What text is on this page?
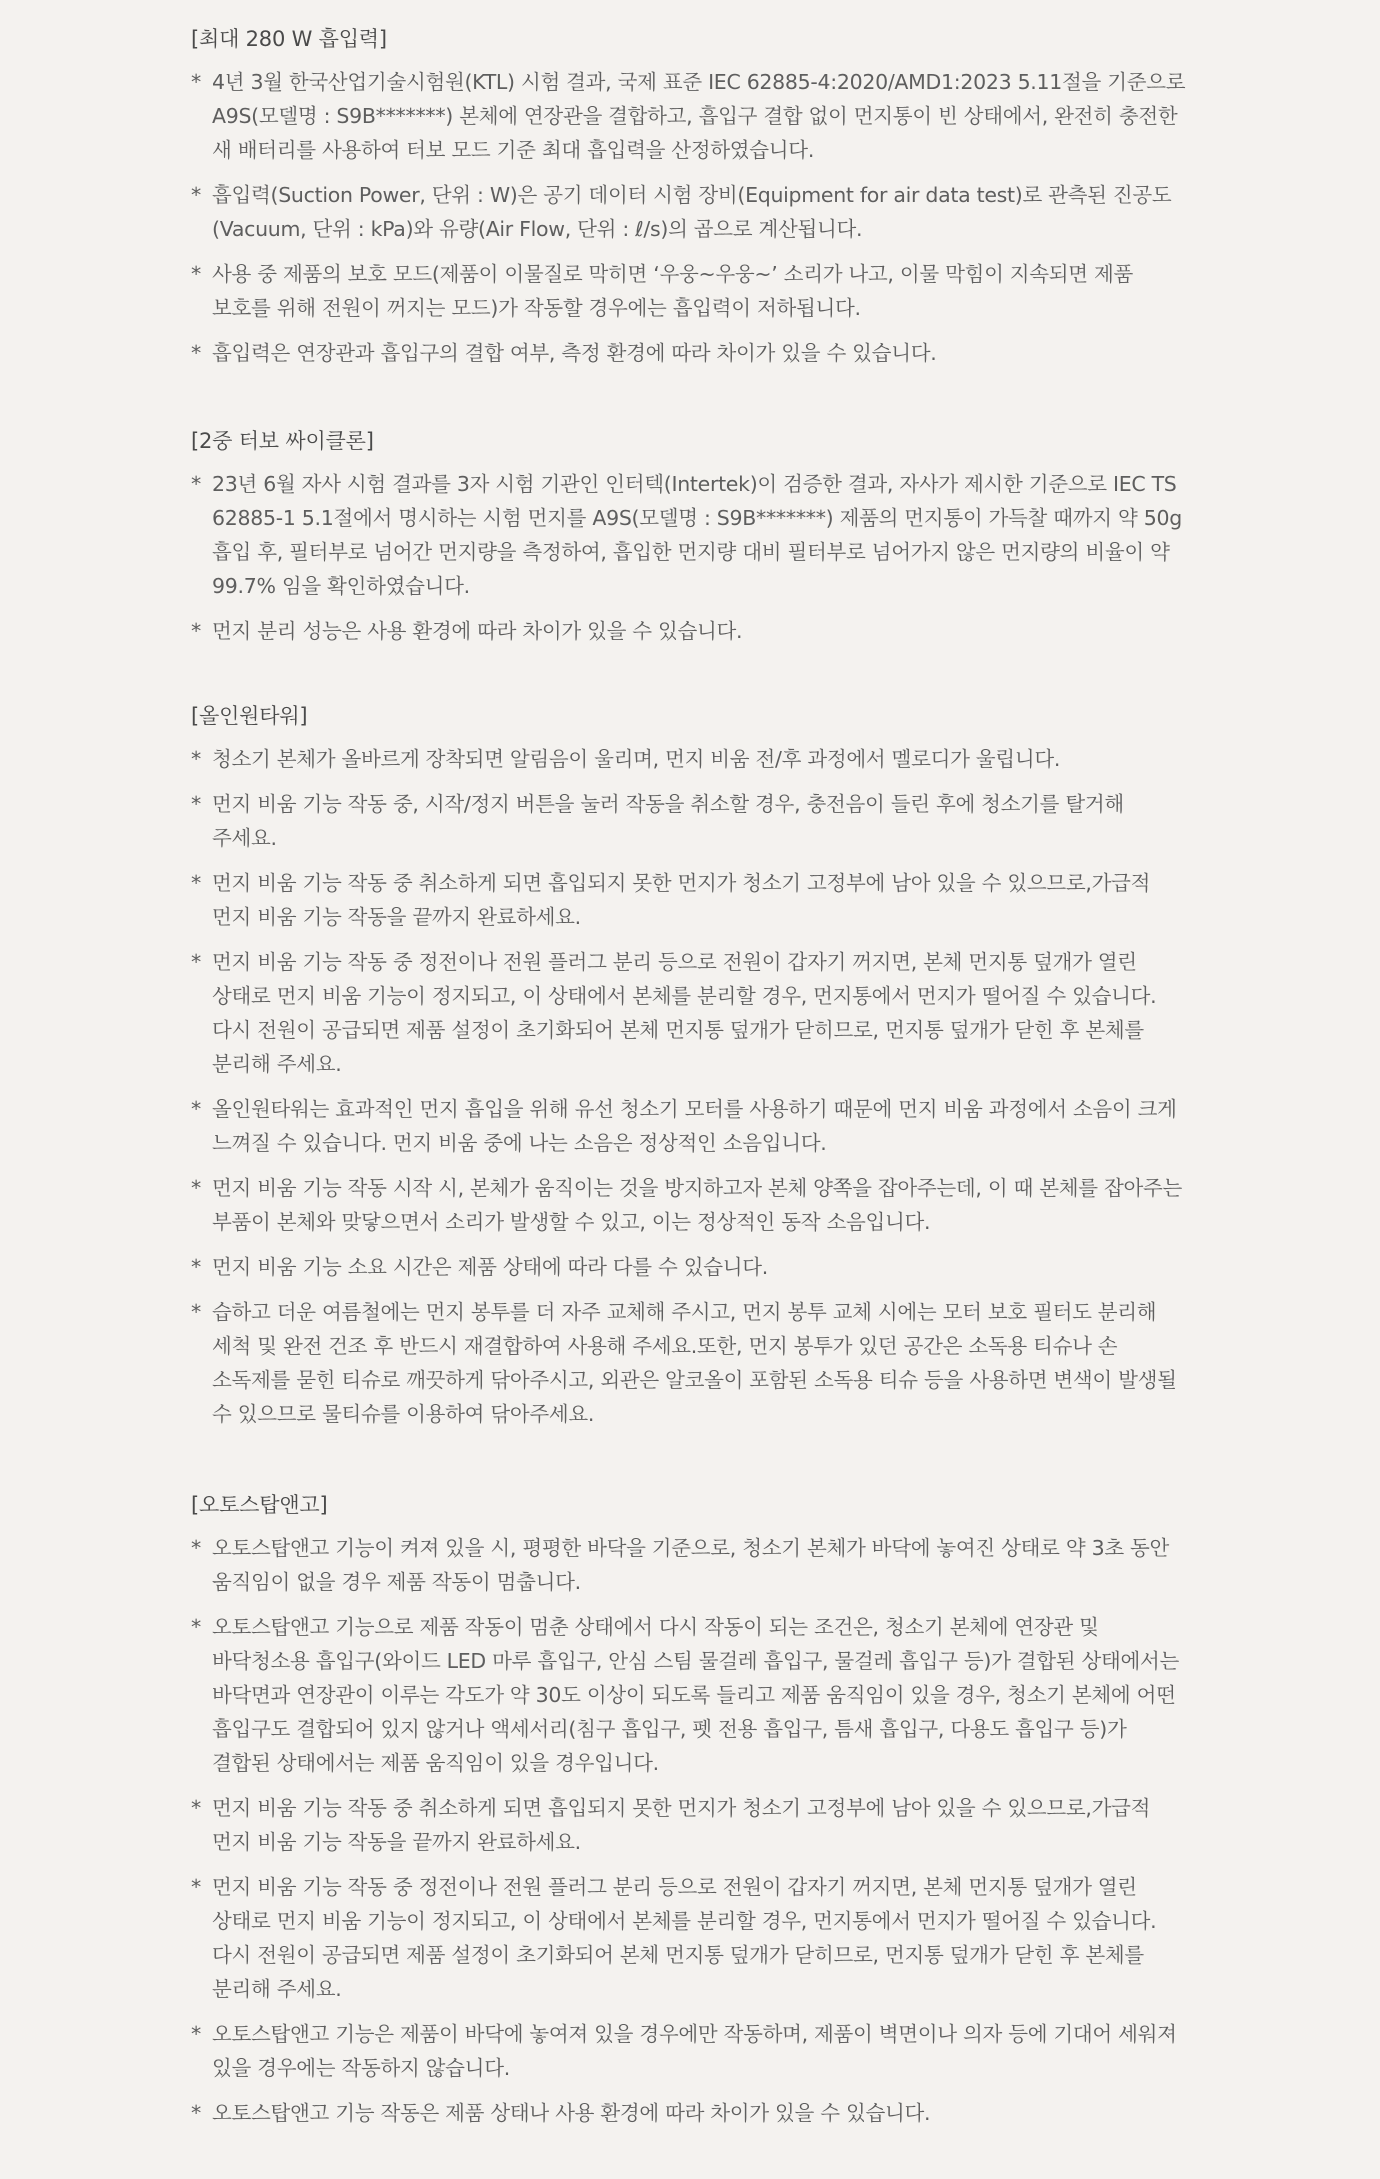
[최대 280 W 흡입력]
* 4년 3월 한국산업기술시험원(KTL) 시험 결과, 국제 표준 IEC 62885-4:2020/AMD1:2023 5.11절을 기준으로 A9S(모델명 : S9B*******) 본체에 연장관을 결합하고, 흡입구 결합 없이 먼지통이 빈 상태에서, 완전히 충전한 새 배터리를 사용하여 터보 모드 기준 최대 흡입력을 산정하였습니다.
* 흡입력(Suction Power, 단위 : W)은 공기 데이터 시험 장비(Equipment for air data test)로 관측된 진공도(Vacuum, 단위 : kPa)와 유량(Air Flow, 단위 : ℓ/s)의 곱으로 계산됩니다.
* 사용 중 제품의 보호 모드(제품이 이물질로 막히면 ‘우웅~우웅~’ 소리가 나고, 이물 막힘이 지속되면 제품 보호를 위해 전원이 꺼지는 모드)가 작동할 경우에는 흡입력이 저하됩니다.
* 흡입력은 연장관과 흡입구의 결합 여부, 측정 환경에 따라 차이가 있을 수 있습니다.
[2중 터보 싸이클론]
* 23년 6월 자사 시험 결과를 3자 시험 기관인 인터텍(Intertek)이 검증한 결과, 자사가 제시한 기준으로 IEC TS 62885-1 5.1절에서 명시하는 시험 먼지를 A9S(모델명 : S9B*******) 제품의 먼지통이 가득찰 때까지 약 50g 흡입 후, 필터부로 넘어간 먼지량을 측정하여, 흡입한 먼지량 대비 필터부로 넘어가지 않은 먼지량의 비율이 약 99.7% 임을 확인하였습니다.
* 먼지 분리 성능은 사용 환경에 따라 차이가 있을 수 있습니다.
[올인원타워]
* 청소기 본체가 올바르게 장착되면 알림음이 울리며, 먼지 비움 전/후 과정에서 멜로디가 울립니다.
* 먼지 비움 기능 작동 중, 시작/정지 버튼을 눌러 작동을 취소할 경우, 충전음이 들린 후에 청소기를 탈거해 주세요.
* 먼지 비움 기능 작동 중 취소하게 되면 흡입되지 못한 먼지가 청소기 고정부에 남아 있을 수 있으므로,가급적 먼지 비움 기능 작동을 끝까지 완료하세요.
* 먼지 비움 기능 작동 중 정전이나 전원 플러그 분리 등으로 전원이 갑자기 꺼지면, 본체 먼지통 덮개가 열린 상태로 먼지 비움 기능이 정지되고, 이 상태에서 본체를 분리할 경우, 먼지통에서 먼지가 떨어질 수 있습니다. 다시 전원이 공급되면 제품 설정이 초기화되어 본체 먼지통 덮개가 닫히므로, 먼지통 덮개가 닫힌 후 본체를 분리해 주세요.
* 올인원타워는 효과적인 먼지 흡입을 위해 유선 청소기 모터를 사용하기 때문에 먼지 비움 과정에서 소음이 크게 느껴질 수 있습니다. 먼지 비움 중에 나는 소음은 정상적인 소음입니다.
* 먼지 비움 기능 작동 시작 시, 본체가 움직이는 것을 방지하고자 본체 양쪽을 잡아주는데, 이 때 본체를 잡아주는 부품이 본체와 맞닿으면서 소리가 발생할 수 있고, 이는 정상적인 동작 소음입니다.
* 먼지 비움 기능 소요 시간은 제품 상태에 따라 다를 수 있습니다.
* 습하고 더운 여름철에는 먼지 봉투를 더 자주 교체해 주시고, 먼지 봉투 교체 시에는 모터 보호 필터도 분리해 세척 및 완전 건조 후 반드시 재결합하여 사용해 주세요.또한, 먼지 봉투가 있던 공간은 소독용 티슈나 손 소독제를 묻힌 티슈로 깨끗하게 닦아주시고, 외관은 알코올이 포함된 소독용 티슈 등을 사용하면 변색이 발생될 수 있으므로 물티슈를 이용하여 닦아주세요.
[오토스탑앤고]
* 오토스탑앤고 기능이 켜져 있을 시, 평평한 바닥을 기준으로, 청소기 본체가 바닥에 놓여진 상태로 약 3초 동안 움직임이 없을 경우 제품 작동이 멈춥니다.
* 오토스탑앤고 기능으로 제품 작동이 멈춘 상태에서 다시 작동이 되는 조건은, 청소기 본체에 연장관 및 바닥청소용 흡입구(와이드 LED 마루 흡입구, 안심 스팀 물걸레 흡입구, 물걸레 흡입구 등)가 결합된 상태에서는 바닥면과 연장관이 이루는 각도가 약 30도 이상이 되도록 들리고 제품 움직임이 있을 경우, 청소기 본체에 어떤 흡입구도 결합되어 있지 않거나 액세서리(침구 흡입구, 펫 전용 흡입구, 틈새 흡입구, 다용도 흡입구 등)가 결합된 상태에서는 제품 움직임이 있을 경우입니다.
* 먼지 비움 기능 작동 중 취소하게 되면 흡입되지 못한 먼지가 청소기 고정부에 남아 있을 수 있으므로,가급적 먼지 비움 기능 작동을 끝까지 완료하세요.
* 먼지 비움 기능 작동 중 정전이나 전원 플러그 분리 등으로 전원이 갑자기 꺼지면, 본체 먼지통 덮개가 열린 상태로 먼지 비움 기능이 정지되고, 이 상태에서 본체를 분리할 경우, 먼지통에서 먼지가 떨어질 수 있습니다. 다시 전원이 공급되면 제품 설정이 초기화되어 본체 먼지통 덮개가 닫히므로, 먼지통 덮개가 닫힌 후 본체를 분리해 주세요.
* 오토스탑앤고 기능은 제품이 바닥에 놓여져 있을 경우에만 작동하며, 제품이 벽면이나 의자 등에 기대어 세워져 있을 경우에는 작동하지 않습니다.
* 오토스탑앤고 기능 작동은 제품 상태나 사용 환경에 따라 차이가 있을 수 있습니다.
